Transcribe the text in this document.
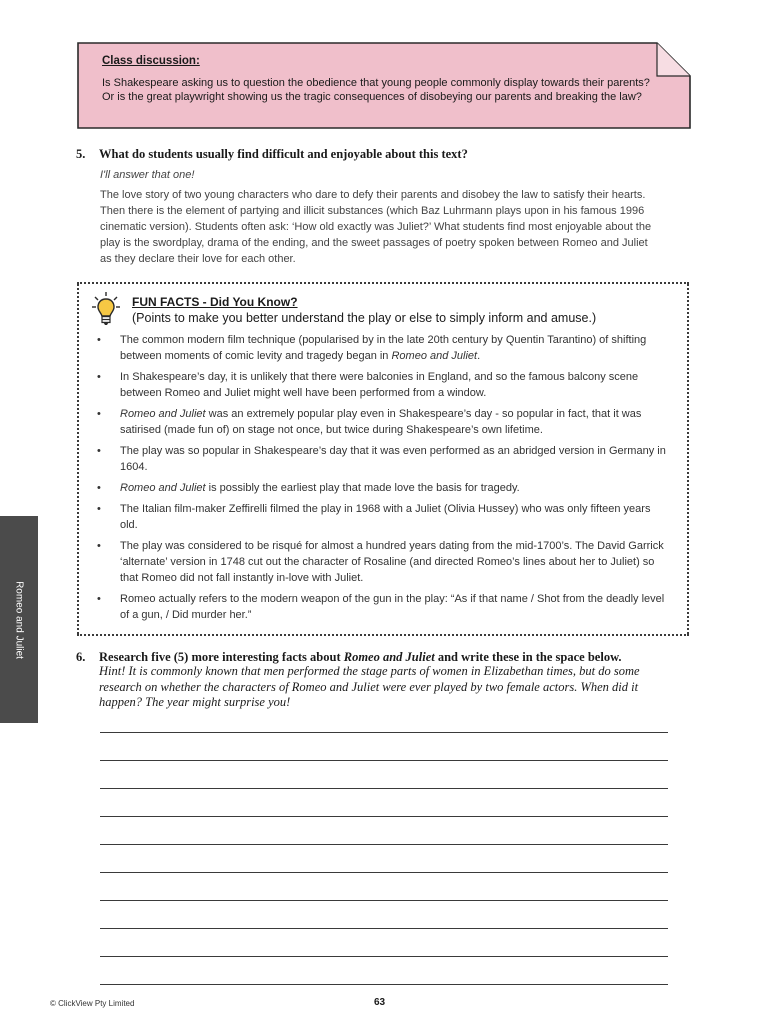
Class discussion:
Is Shakespeare asking us to question the obedience that young people commonly display towards their parents? Or is the great playwright showing us the tragic consequences of disobeying our parents and breaking the law?
5. What do students usually find difficult and enjoyable about this text?
I'll answer that one!
The love story of two young characters who dare to defy their parents and disobey the law to satisfy their hearts. Then there is the element of partying and illicit substances (which Baz Luhrmann plays upon in his famous 1996 cinematic version). Students often ask: ‘How old exactly was Juliet?’ What students find most enjoyable about the play is the swordplay, drama of the ending, and the sweet passages of poetry spoken between Romeo and Juliet as they declare their love for each other.
FUN FACTS - Did You Know?
(Points to make you better understand the play or else to simply inform and amuse.)
• The common modern film technique (popularised by in the late 20th century by Quentin Tarantino) of shifting between moments of comic levity and tragedy began in Romeo and Juliet.
• In Shakespeare’s day, it is unlikely that there were balconies in England, and so the famous balcony scene between Romeo and Juliet might well have been performed from a window.
• Romeo and Juliet was an extremely popular play even in Shakespeare’s day - so popular in fact, that it was satirised (made fun of) on stage not once, but twice during Shakespeare’s own lifetime.
• The play was so popular in Shakespeare’s day that it was even performed as an abridged version in Germany in 1604.
• Romeo and Juliet is possibly the earliest play that made love the basis for tragedy.
• The Italian film-maker Zeffirelli filmed the play in 1968 with a Juliet (Olivia Hussey) who was only fifteen years old.
• The play was considered to be risqué for almost a hundred years dating from the mid-1700’s. The David Garrick ‘alternate’ version in 1748 cut out the character of Rosaline (and directed Romeo’s lines about her to Juliet) so that Romeo did not fall instantly in-love with Juliet.
• Romeo actually refers to the modern weapon of the gun in the play: “As if that name / Shot from the deadly level of a gun, / Did murder her.”
Romeo and Juliet	6. Research five (5) more interesting facts about Romeo and Juliet and write these in the space below.
Hint! It is commonly known that men performed the stage parts of women in Elizabethan times, but do some research on whether the characters of Romeo and Juliet were ever played by two female actors. When did it happen? The year might surprise you!
© ClickView Pty Limited	63
